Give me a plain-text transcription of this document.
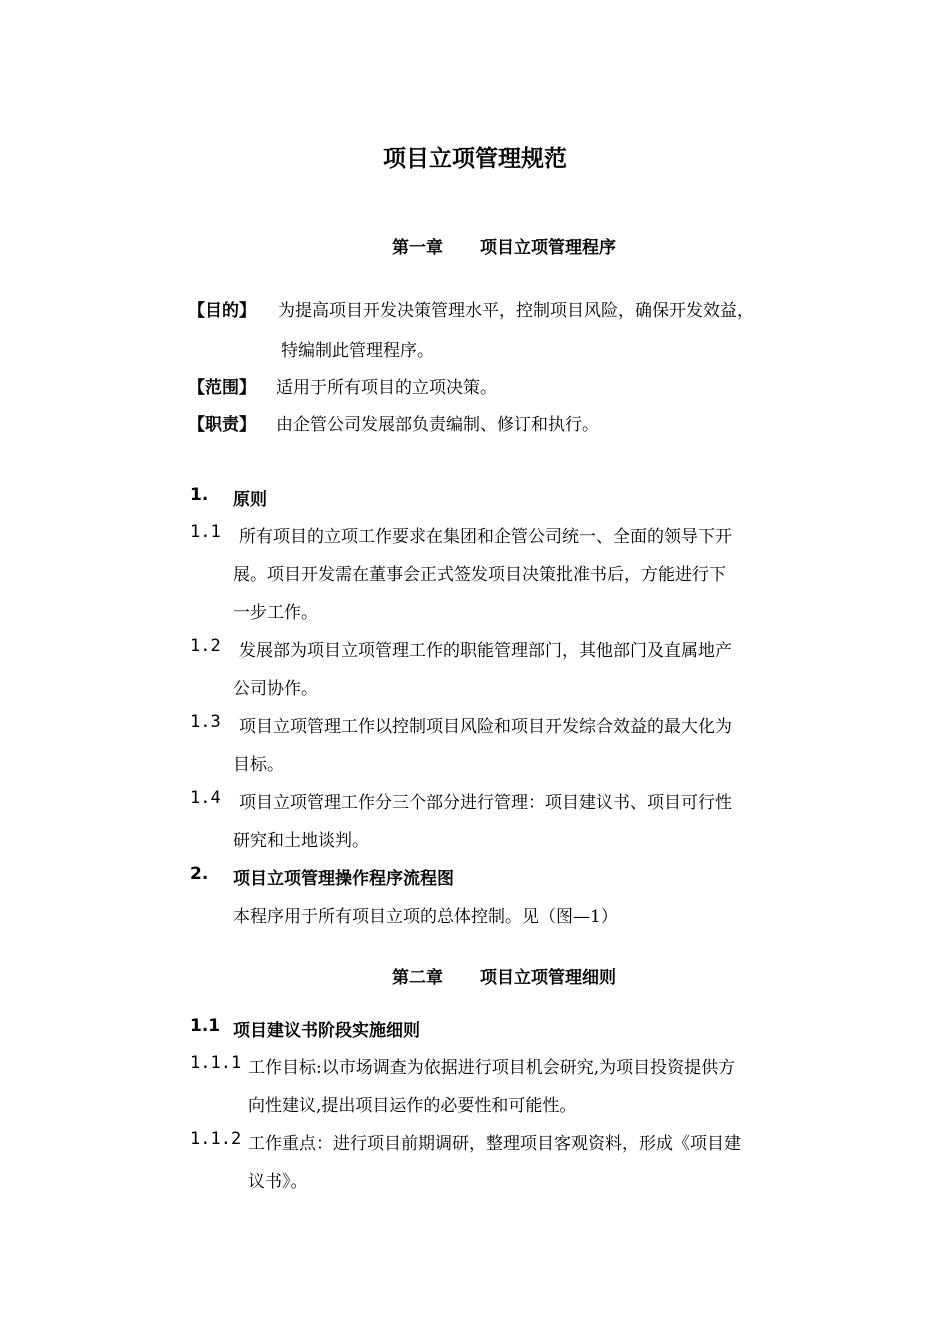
项目立项管理规范
第一章 项目立项管理程序
【目的】 为提高项目开发决策管理水平，控制项目风险，确保开发效益，
特编制此管理程序。
【范围】 适用于所有项目的立项决策。
【职责】 由企管公司发展部负责编制、修订和执行。
1. 原则
1.1 所有项目的立项工作要求在集团和企管公司统一、全面的领导下开
展。项目开发需在董事会正式签发项目决策批准书后，方能进行下
一步工作。
1.2 发展部为项目立项管理工作的职能管理部门，其他部门及直属地产
公司协作。
1.3 项目立项管理工作以控制项目风险和项目开发综合效益的最大化为
目标。
1.4 项目立项管理工作分三个部分进行管理：项目建议书、项目可行性
研究和土地谈判。
2. 项目立项管理操作程序流程图
本程序用于所有项目立项的总体控制。见（图—1）
第二章 项目立项管理细则
1.1 项目建议书阶段实施细则
1.1.1 工作目标:以市场调查为依据进行项目机会研究,为项目投资提供方
向性建议,提出项目运作的必要性和可能性。
1.1.2 工作重点：进行项目前期调研，整理项目客观资料，形成《项目建
议书》。
